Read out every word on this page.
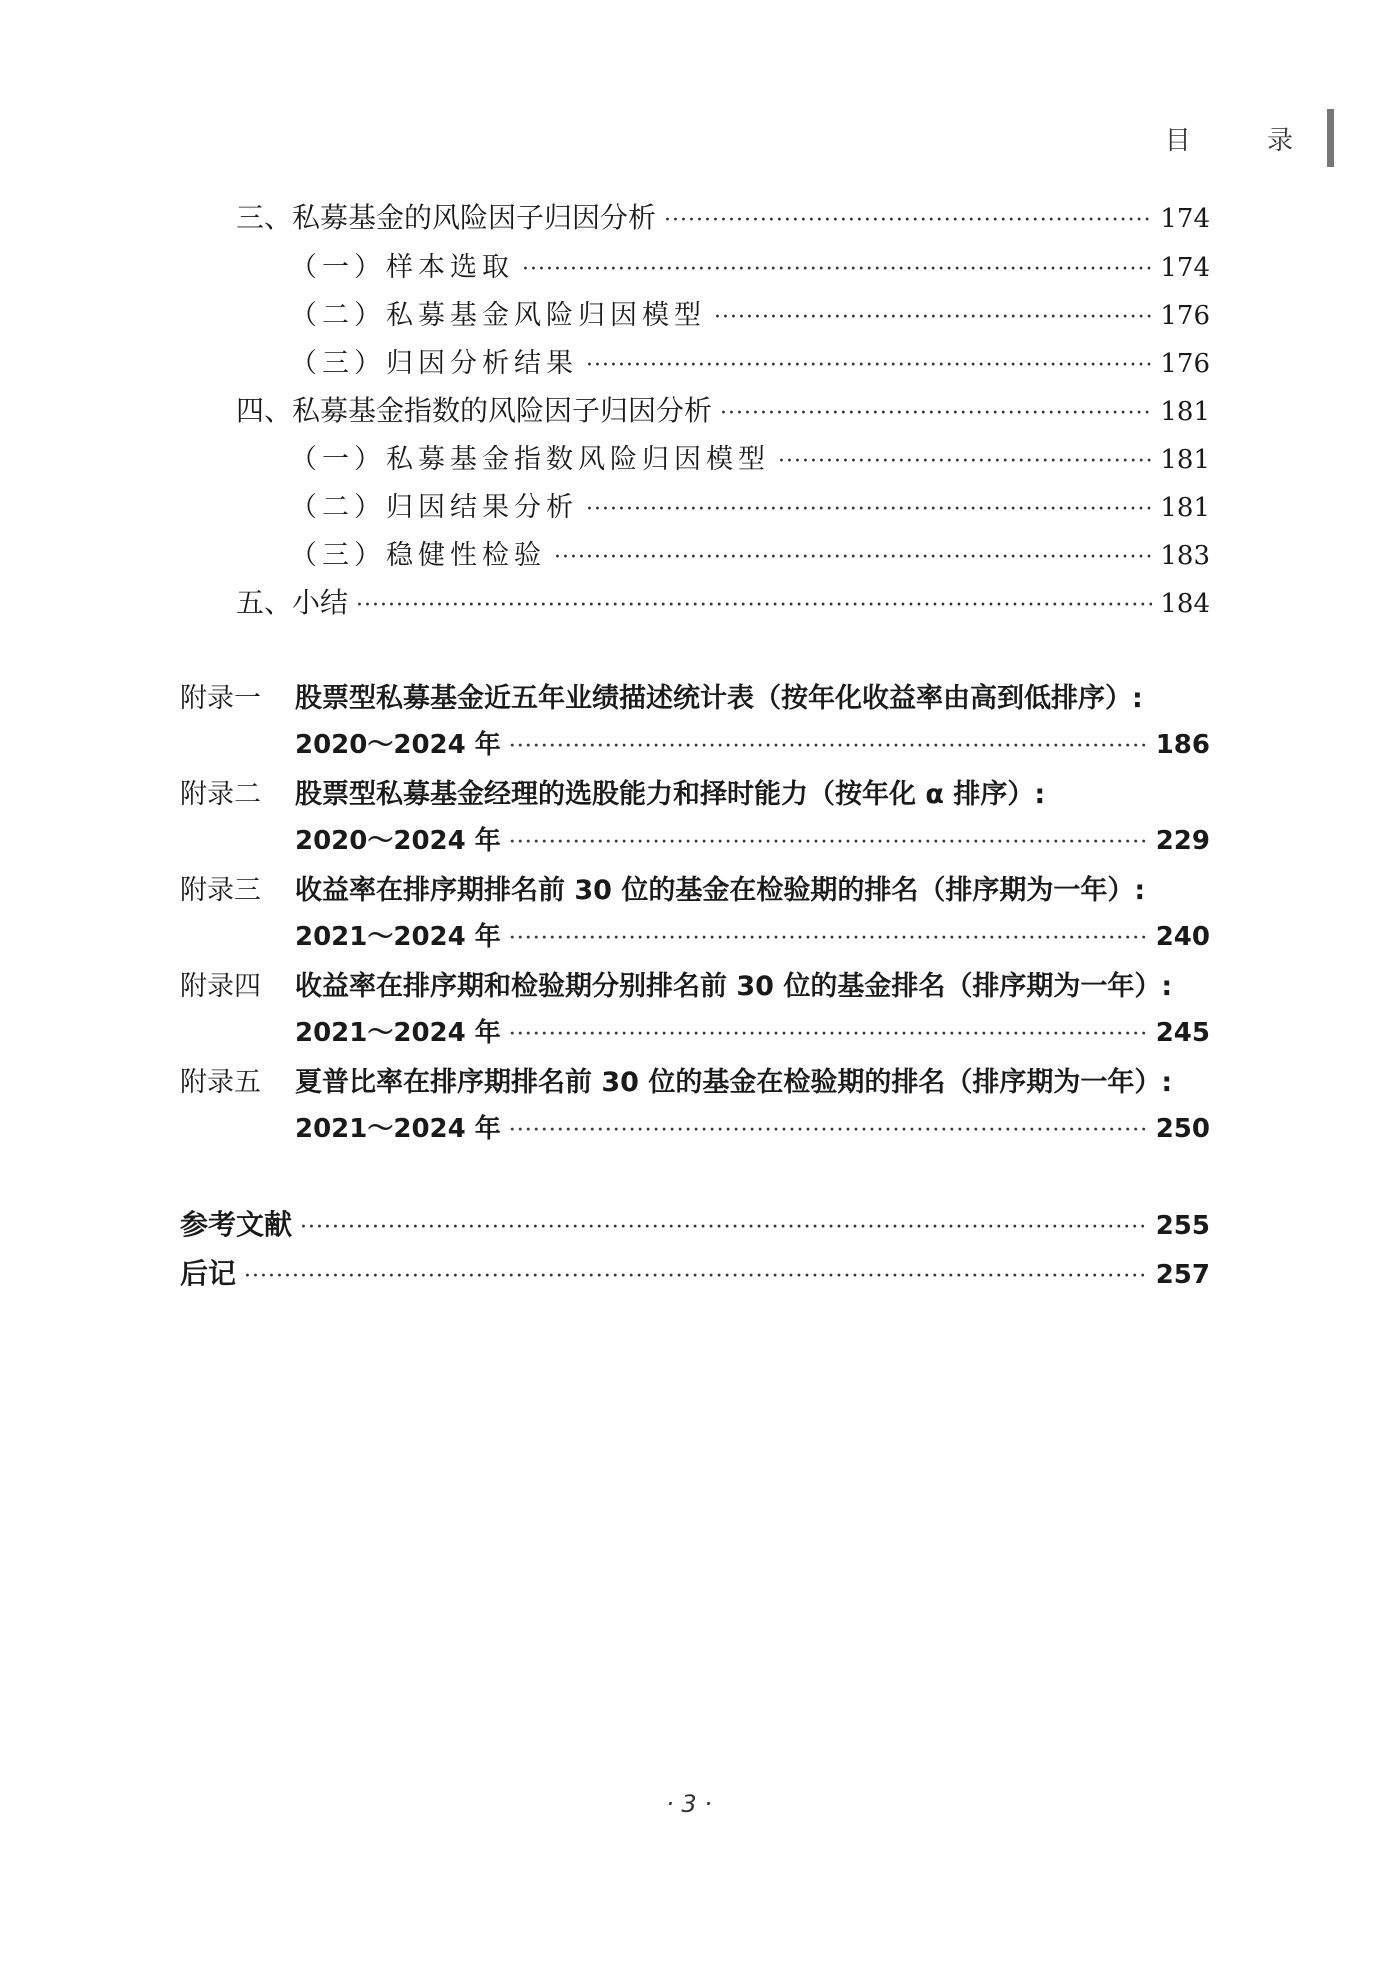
目 录
三、私募基金的风险因子归因分析 ·····	174
（一）样本选取 ·····	174
（二）私募基金风险归因模型 ·····	176
（三）归因分析结果 ·····	176
四、私募基金指数的风险因子归因分析 ·····	181
（一）私募基金指数风险归因模型 ·····	181
（二）归因结果分析 ·····	181
（三）稳健性检验 ·····	183
五、小结 ·····	184
附录一	股票型私募基金近五年业绩描述统计表（按年化收益率由高到低排序）:
2020～2024 年 ·····	186
附录二	股票型私募基金经理的选股能力和择时能力（按年化 α 排序）:
2020～2024 年 ·····	229
附录三	收益率在排序期排名前 30 位的基金在检验期的排名（排序期为一年）:
2021～2024 年 ·····	240
附录四	收益率在排序期和检验期分别排名前 30 位的基金排名（排序期为一年）:
2021～2024 年 ·····	245
附录五	夏普比率在排序期排名前 30 位的基金在检验期的排名（排序期为一年）:
2021～2024 年 ·····	250
参考文献 ·····	255
后记 ·····	257
· 3 ·
